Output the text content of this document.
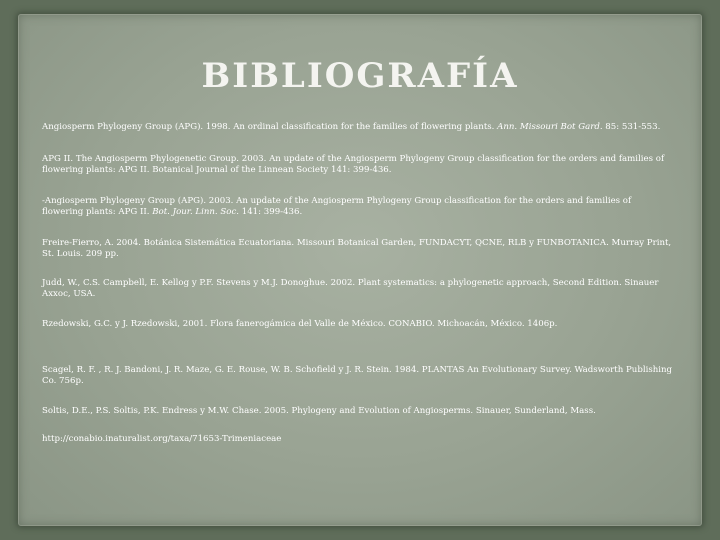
BIBLIOGRAFÍA

Angiosperm Phylogeny Group (APG). 1998. An ordinal classification for the families of flowering plants. Ann. Missouri Bot Gard. 85: 531-553.

APG II. The Angiosperm Phylogenetic Group. 2003. An update of the Angiosperm Phylogeny Group classification for the orders and families of flowering plants: APG II. Botanical Journal of the Linnean Society 141: 399-436.

-Angiosperm Phylogeny Group (APG). 2003. An update of the Angiosperm Phylogeny Group classification for the orders and families of flowering plants: APG II. Bot. Jour. Linn. Soc. 141: 399-436.

Freire-Fierro, A. 2004. Botánica Sistemática Ecuatoriana. Missouri Botanical Garden, FUNDACYT, QCNE, RLB y FUNBOTANICA. Murray Print, St. Louis. 209 pp.

Judd, W., C.S. Campbell, E. Kellog y P.F. Stevens y M.J. Donoghue. 2002. Plant systematics: a phylogenetic approach, Second Edition. Sinauer Axxoc, USA.

Rzedowski, G.C. y J. Rzedowski, 2001. Flora fanerogámica del Valle de México. CONABIO. Michoacán, México. 1406p.

Scagel, R. F. , R. J. Bandoni, J. R. Maze, G. E. Rouse, W. B. Schofield y J. R. Stein. 1984. PLANTAS An Evolutionary Survey. Wadsworth Publishing Co. 756p.

Soltis, D.E., P.S. Soltis, P.K. Endress y M.W. Chase. 2005. Phylogeny and Evolution of Angiosperms. Sinauer, Sunderland, Mass.

http://conabio.inaturalist.org/taxa/71653-Trimeniaceae
